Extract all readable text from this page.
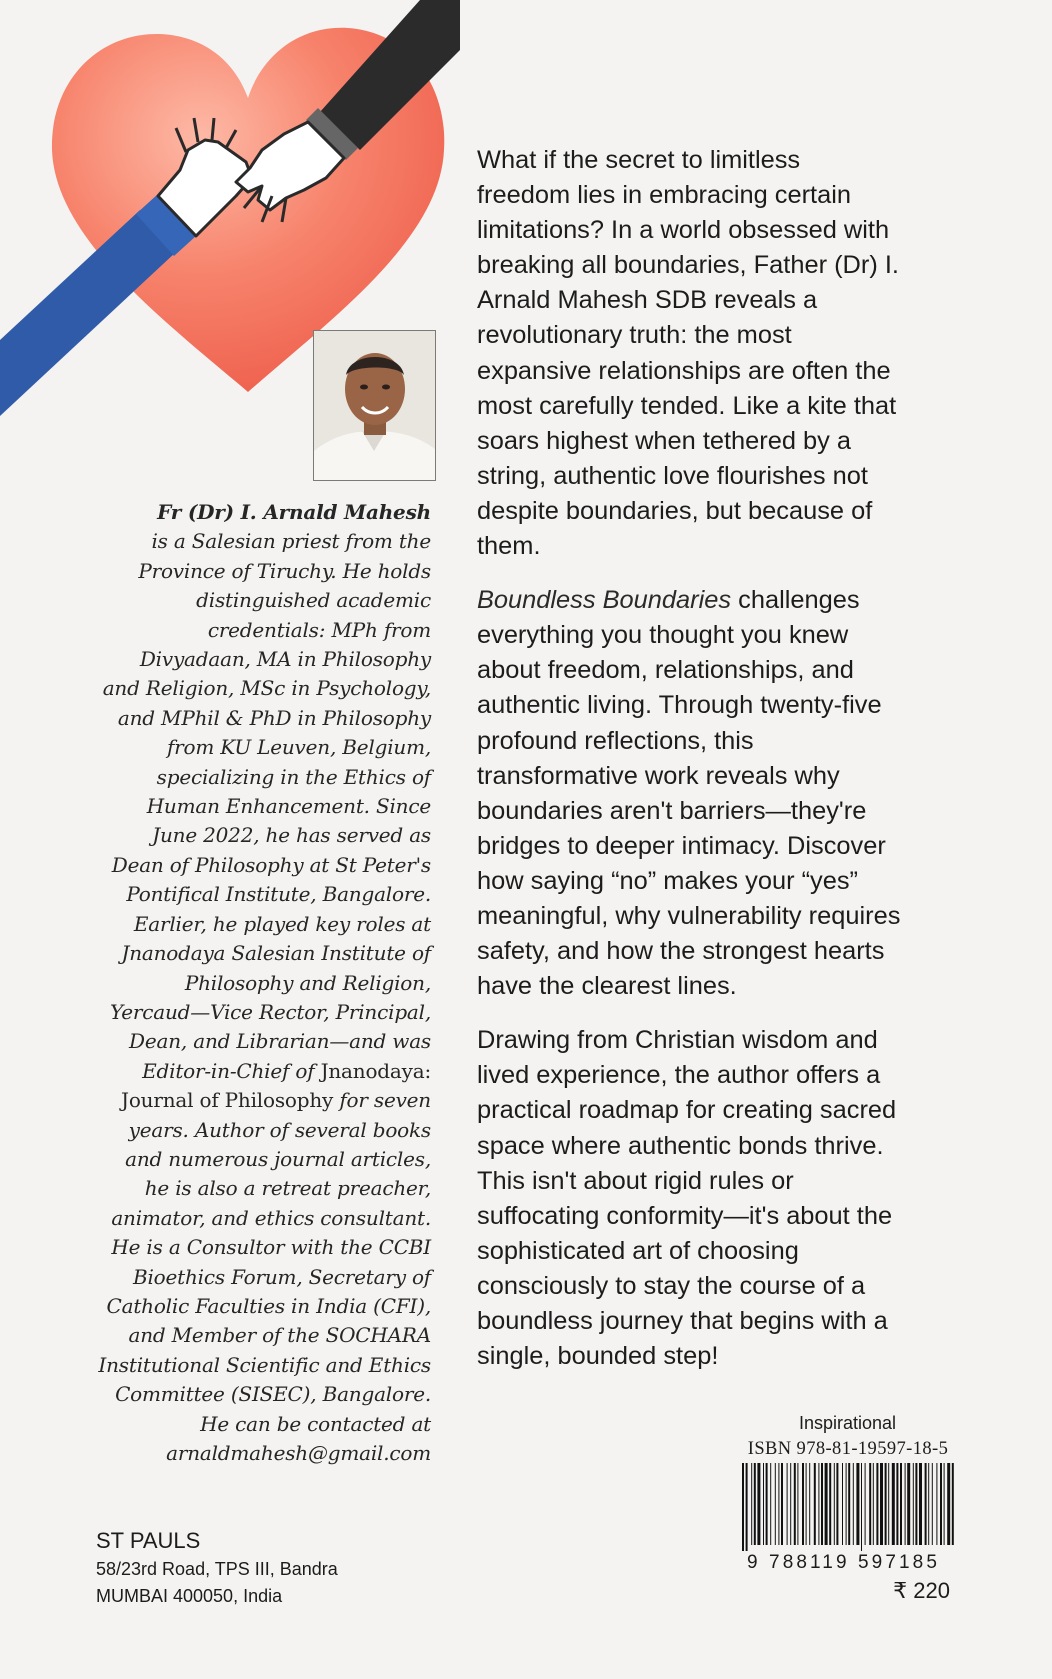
Fr (Dr) I. Arnald Mahesh
is a Salesian priest from the
Province of Tiruchy. He holds
distinguished academic
credentials: MPh from
Divyadaan, MA in Philosophy
and Religion, MSc in Psychology,
and MPhil & PhD in Philosophy
from KU Leuven, Belgium,
specializing in the Ethics of
Human Enhancement. Since
June 2022, he has served as
Dean of Philosophy at St Peter's
Pontifical Institute, Bangalore.
Earlier, he played key roles at
Jnanodaya Salesian Institute of
Philosophy and Religion,
Yercaud—Vice Rector, Principal,
Dean, and Librarian—and was
Editor-in-Chief of Jnanodaya:
Journal of Philosophy for seven
years. Author of several books
and numerous journal articles,
he is also a retreat preacher,
animator, and ethics consultant.
He is a Consultor with the CCBI
Bioethics Forum, Secretary of
Catholic Faculties in India (CFI),
and Member of the SOCHARA
Institutional Scientific and Ethics
Committee (SISEC), Bangalore.
He can be contacted at
arnaldmahesh@gmail.com

What if the secret to limitless
freedom lies in embracing certain
limitations? In a world obsessed with
breaking all boundaries, Father (Dr) I.
Arnald Mahesh SDB reveals a
revolutionary truth: the most
expansive relationships are often the
most carefully tended. Like a kite that
soars highest when tethered by a
string, authentic love flourishes not
despite boundaries, but because of
them.

Boundless Boundaries challenges
everything you thought you knew
about freedom, relationships, and
authentic living. Through twenty-five
profound reflections, this
transformative work reveals why
boundaries aren't barriers—they're
bridges to deeper intimacy. Discover
how saying “no” makes your “yes”
meaningful, why vulnerability requires
safety, and how the strongest hearts
have the clearest lines.

Drawing from Christian wisdom and
lived experience, the author offers a
practical roadmap for creating sacred
space where authentic bonds thrive.
This isn't about rigid rules or
suffocating conformity—it's about the
sophisticated art of choosing
consciously to stay the course of a
boundless journey that begins with a
single, bounded step!

ST PAULS
58/23rd Road, TPS III, Bandra
MUMBAI 400050, India
Inspirational
ISBN 978-81-19597-18-5
9 788119 597185
₹ 220
